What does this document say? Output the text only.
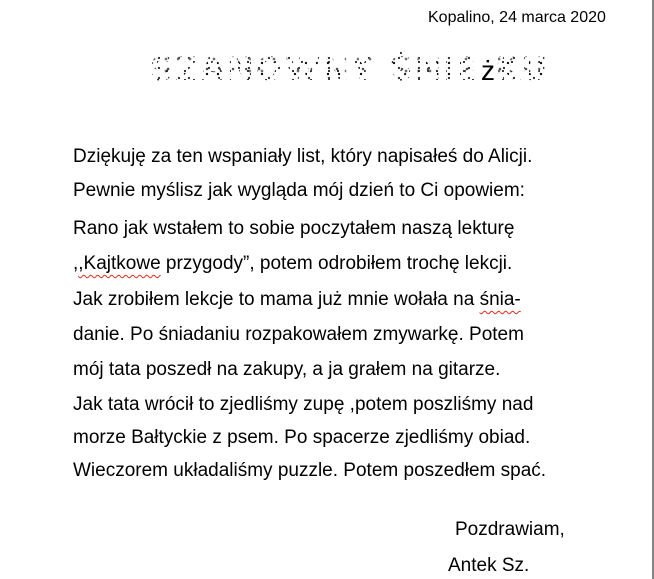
Kopalino, 24 marca 2020
SZANOWNY ŚNIEżKU
Dziękuję za ten wspaniały list, który napisałeś do Alicji.
Pewnie myślisz jak wygląda mój dzień to Ci opowiem:
Rano jak wstałem to sobie poczytałem naszą lekturę
,,Kajtkowe przygody”, potem odrobiłem trochę lekcji.
Jak zrobiłem lekcje to mama już mnie wołała na śnia-
danie. Po śniadaniu rozpakowałem zmywarkę. Potem
mój tata poszedł na zakupy, a ja grałem na gitarze.
Jak tata wrócił to zjedliśmy zupę ,potem poszliśmy nad
morze Bałtyckie z psem. Po spacerze zjedliśmy obiad.
Wieczorem układaliśmy puzzle. Potem poszedłem spać.
Pozdrawiam,
Antek Sz.
